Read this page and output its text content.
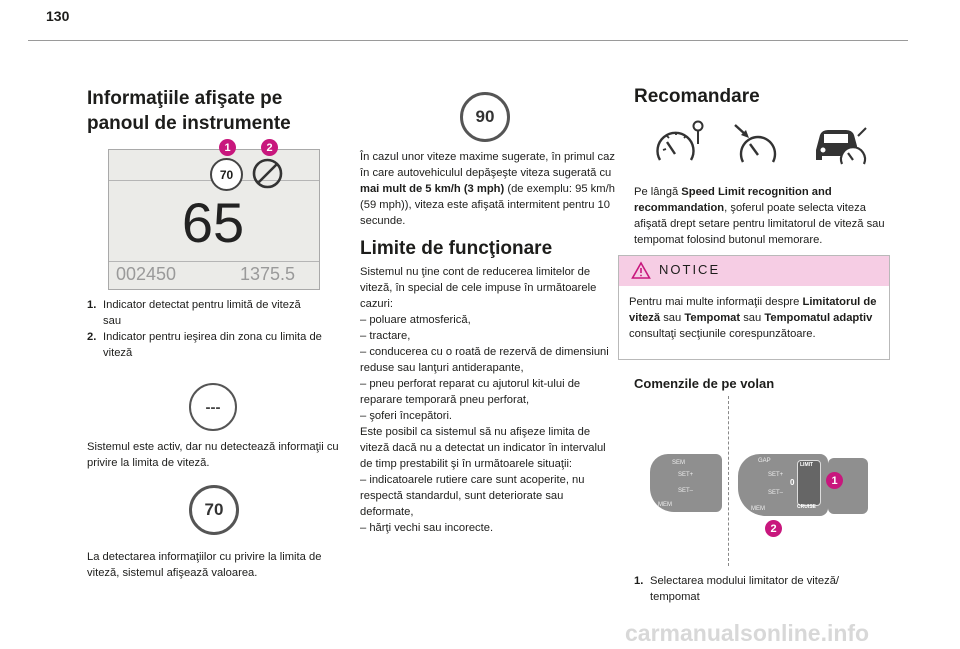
130
Informaţiile afişate pe
panoul de instrumente
70
1	2
65
002450	1375.5
1. Indicator detectat pentru limită de viteză
sau
2. Indicator pentru ieşirea din zona cu limita de viteză
---
Sistemul este activ, dar nu detectează informaţii cu privire la limita de viteză.
70
La detectarea informaţiilor cu privire la limita de viteză, sistemul afişează valoarea.
90
În cazul unor viteze maxime sugerate, în primul caz în care autovehiculul depăşeşte viteza sugerată cu mai mult de 5 km/h (3 mph) (de exemplu: 95 km/h (59 mph)), viteza este afişată intermitent pentru 10 secunde.
Limite de funcţionare
Sistemul nu ţine cont de reducerea limitelor de viteză, în special de cele impuse în următoarele cazuri:
– poluare atmosferică,
– tractare,
– conducerea cu o roată de rezervă de dimensiuni reduse sau lanţuri antiderapante,
– pneu perforat reparat cu ajutorul kit-ului de reparare temporară pneu perforat,
– şoferi începători.
Este posibil ca sistemul să nu afişeze limita de viteză dacă nu a detectat un indicator în intervalul de timp prestabilit şi în următoarele situaţii:
– indicatoarele rutiere care sunt acoperite, nu respectă standardul, sunt deteriorate sau deformate,
– hărţi vechi sau incorecte.
Recomandare
Pe lângă Speed Limit recognition and recommandation, şoferul poate selecta viteza afişată drept setare pentru limitatorul de viteză sau tempomat folosind butonul memorare.
NOTICE
Pentru mai multe informaţii despre Limitatorul de viteză sau Tempomat sau Tempomatul adaptiv consultaţi secţiunile corespunzătoare.
Comenzile de pe volan
SEM
SET+
SET–
MEM
GAP
SET+
SET–
MEM
LIMIT
CRUISE
0	1
2
1. Selectarea modului limitator de viteză/ tempomat
carmanualsonline.info
